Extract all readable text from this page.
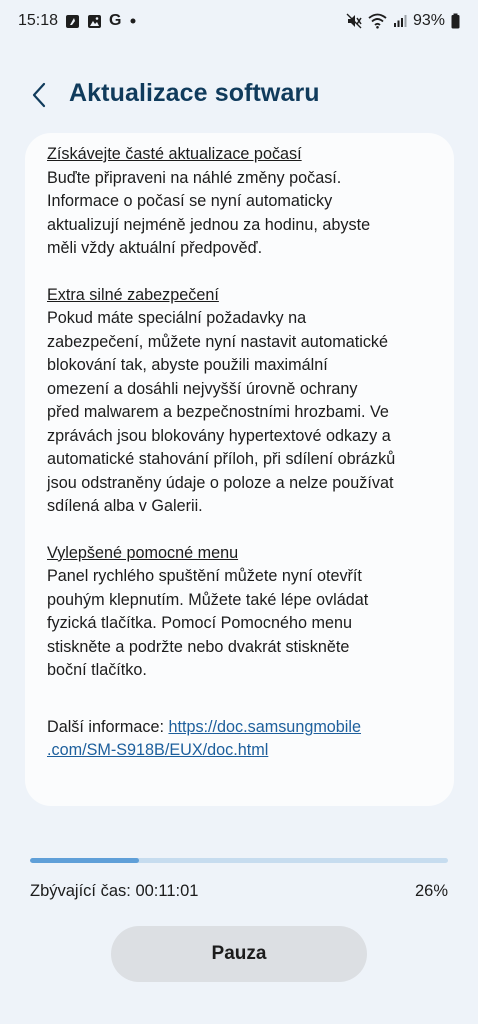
15:18	G	93%
Aktualizace softwaru
Získávejte časté aktualizace počasí
Buďte připraveni na náhlé změny počasí.
Informace o počasí se nyní automaticky
aktualizují nejméně jednou za hodinu, abyste
měli vždy aktuální předpověď.
Extra silné zabezpečení
Pokud máte speciální požadavky na
zabezpečení, můžete nyní nastavit automatické
blokování tak, abyste použili maximální
omezení a dosáhli nejvyšší úrovně ochrany
před malwarem a bezpečnostními hrozbami. Ve
zprávách jsou blokovány hypertextové odkazy a
automatické stahování příloh, při sdílení obrázků
jsou odstraněny údaje o poloze a nelze používat
sdílená alba v Galerii.
Vylepšené pomocné menu
Panel rychlého spuštění můžete nyní otevřít
pouhým klepnutím. Můžete také lépe ovládat
fyzická tlačítka. Pomocí Pomocného menu
stiskněte a podržte nebo dvakrát stiskněte
boční tlačítko.
Další informace: https://doc.samsungmobile
.com/SM-S918B/EUX/doc.html
Zbývající čas: 00:11:01	26%
Pauza
